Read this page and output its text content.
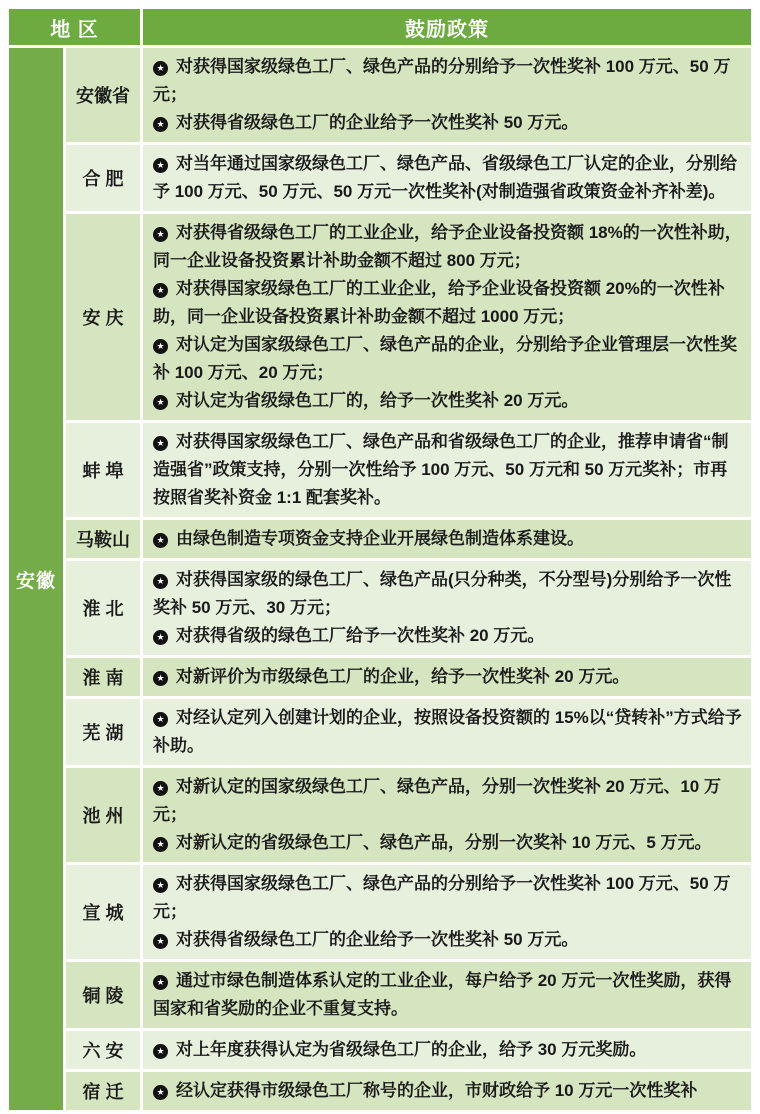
地 区		鼓励政策
安徽	安徽省	★ 对获得国家级绿色工厂、绿色产品的分别给予一次性奖补 100 万元、50 万元；
★ 对获得省级绿色工厂的企业给予一次性奖补 50 万元。

	合 肥	★ 对当年通过国家级绿色工厂、绿色产品、省级绿色工厂认定的企业，分别给予 100 万元、50 万元、50 万元一次性奖补(对制造强省政策资金补齐补差)。

	安 庆	★ 对获得省级绿色工厂的工业企业，给予企业设备投资额 18%的一次性补助，同一企业设备投资累计补助金额不超过 800 万元；
★ 对获得国家级绿色工厂的工业企业，给予企业设备投资额 20%的一次性补助，同一企业设备投资累计补助金额不超过 1000 万元；
★ 对认定为国家级绿色工厂、绿色产品的企业，分别给予企业管理层一次性奖补 100 万元、20 万元；
★ 对认定为省级绿色工厂的，给予一次性奖补 20 万元。

	蚌 埠	★ 对获得国家级绿色工厂、绿色产品和省级绿色工厂的企业，推荐申请省“制造强省”政策支持，分别一次性给予 100 万元、50 万元和 50 万元奖补；市再按照省奖补资金 1:1 配套奖补。

	马鞍山	★ 由绿色制造专项资金支持企业开展绿色制造体系建设。

	淮 北	★ 对获得国家级的绿色工厂、绿色产品(只分种类，不分型号)分别给予一次性奖补 50 万元、30 万元；
★ 对获得省级的绿色工厂给予一次性奖补 20 万元。

	淮 南	★ 对新评价为市级绿色工厂的企业，给予一次性奖补 20 万元。

	芜 湖	★ 对经认定列入创建计划的企业，按照设备投资额的 15%以“贷转补”方式给予补助。

	池 州	★ 对新认定的国家级绿色工厂、绿色产品，分别一次性奖补 20 万元、10 万元；
★ 对新认定的省级绿色工厂、绿色产品，分别一次奖补 10 万元、5 万元。

	宣 城	★ 对获得国家级绿色工厂、绿色产品的分别给予一次性奖补 100 万元、50 万元；
★ 对获得省级绿色工厂的企业给予一次性奖补 50 万元。

	铜 陵	★ 通过市绿色制造体系认定的工业企业，每户给予 20 万元一次性奖励，获得国家和省奖励的企业不重复支持。

	六 安	★ 对上年度获得认定为省级绿色工厂的企业，给予 30 万元奖励。

	宿 迁	★ 经认定获得市级绿色工厂称号的企业，市财政给予 10 万元一次性奖补
